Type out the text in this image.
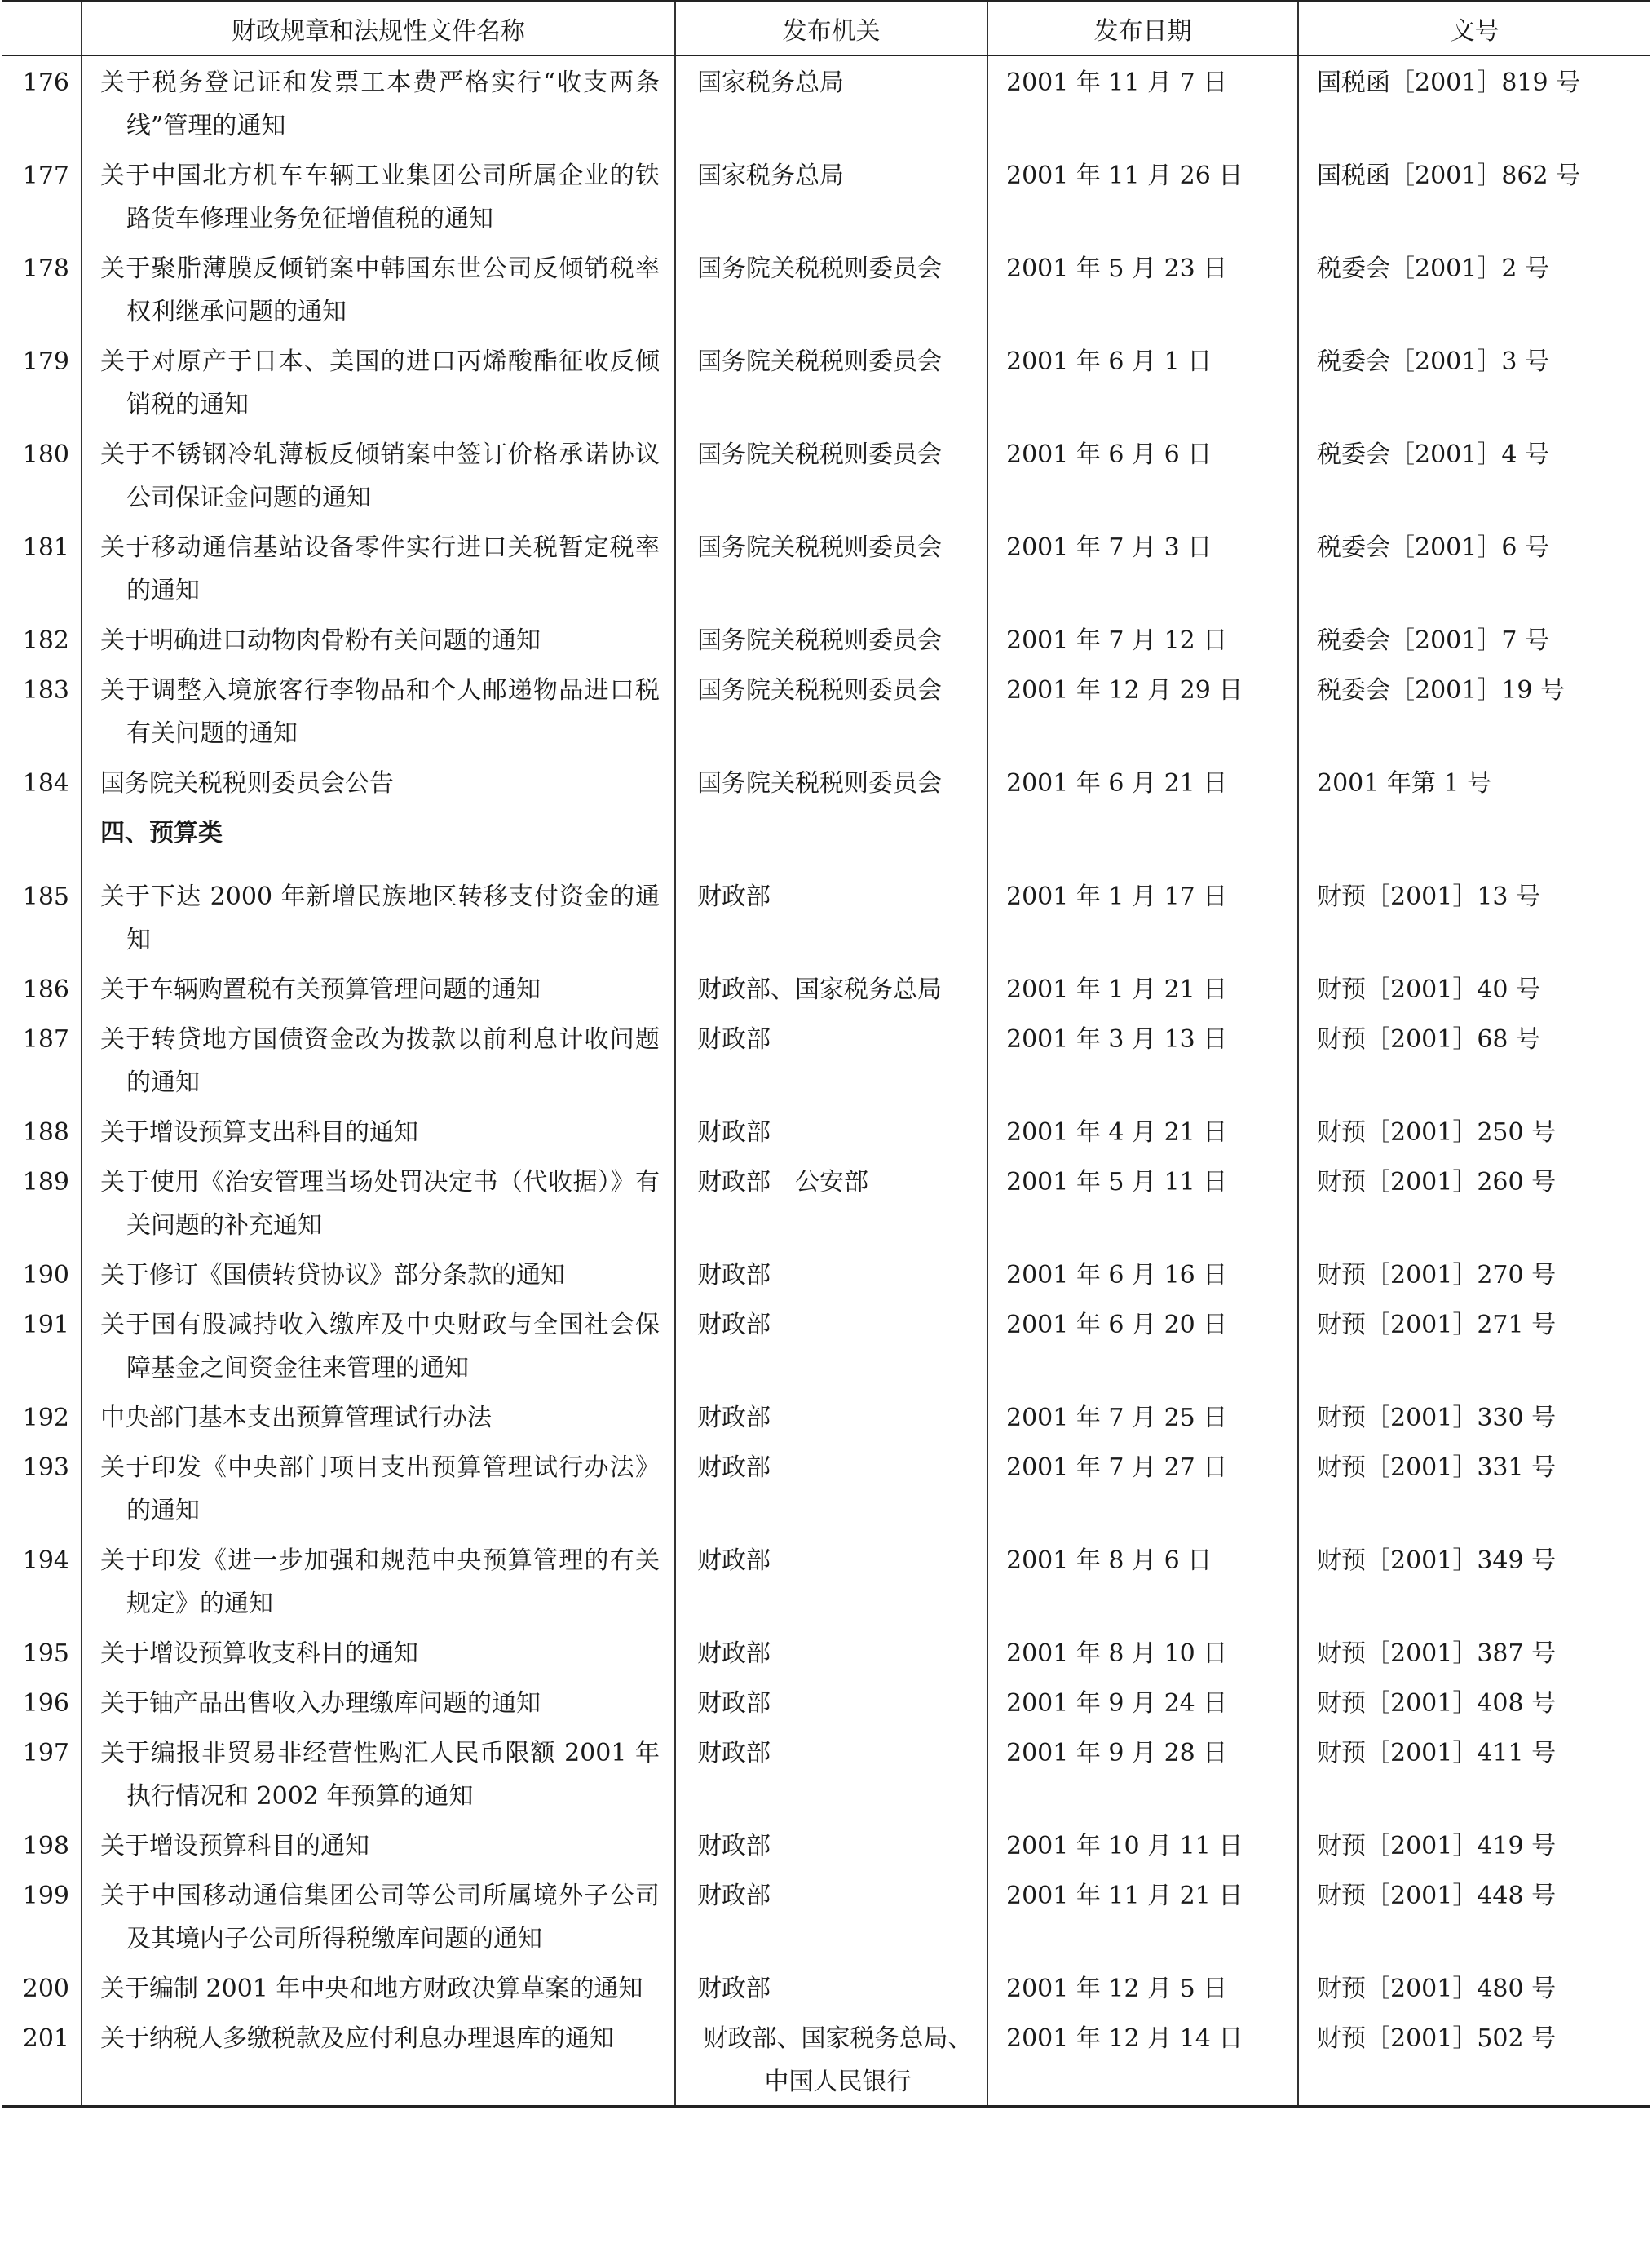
	财政规章和法规性文件名称	发布机关	发布日期	文号
176	关于税务登记证和发票工本费严格实行“收支两条线”管理的通知	国家税务总局	2001 年 11 月 7 日	国税函［2001］819 号
177	关于中国北方机车车辆工业集团公司所属企业的铁路货车修理业务免征增值税的通知	国家税务总局	2001 年 11 月 26 日	国税函［2001］862 号
178	关于聚脂薄膜反倾销案中韩国东世公司反倾销税率权利继承问题的通知	国务院关税税则委员会	2001 年 5 月 23 日	税委会［2001］2 号
179	关于对原产于日本、美国的进口丙烯酸酯征收反倾销税的通知	国务院关税税则委员会	2001 年 6 月 1 日	税委会［2001］3 号
180	关于不锈钢冷轧薄板反倾销案中签订价格承诺协议公司保证金问题的通知	国务院关税税则委员会	2001 年 6 月 6 日	税委会［2001］4 号
181	关于移动通信基站设备零件实行进口关税暂定税率的通知	国务院关税税则委员会	2001 年 7 月 3 日	税委会［2001］6 号
182	关于明确进口动物肉骨粉有关问题的通知	国务院关税税则委员会	2001 年 7 月 12 日	税委会［2001］7 号
183	关于调整入境旅客行李物品和个人邮递物品进口税有关问题的通知	国务院关税税则委员会	2001 年 12 月 29 日	税委会［2001］19 号
184	国务院关税税则委员会公告	国务院关税税则委员会	2001 年 6 月 21 日	2001 年第 1 号
	四、预算类			
185	关于下达 2000 年新增民族地区转移支付资金的通知	财政部	2001 年 1 月 17 日	财预［2001］13 号
186	关于车辆购置税有关预算管理问题的通知	财政部、国家税务总局	2001 年 1 月 21 日	财预［2001］40 号
187	关于转贷地方国债资金改为拨款以前利息计收问题的通知	财政部	2001 年 3 月 13 日	财预［2001］68 号
188	关于增设预算支出科目的通知	财政部	2001 年 4 月 21 日	财预［2001］250 号
189	关于使用《治安管理当场处罚决定书（代收据）》有关问题的补充通知	财政部　公安部	2001 年 5 月 11 日	财预［2001］260 号
190	关于修订《国债转贷协议》部分条款的通知	财政部	2001 年 6 月 16 日	财预［2001］270 号
191	关于国有股减持收入缴库及中央财政与全国社会保障基金之间资金往来管理的通知	财政部	2001 年 6 月 20 日	财预［2001］271 号
192	中央部门基本支出预算管理试行办法	财政部	2001 年 7 月 25 日	财预［2001］330 号
193	关于印发《中央部门项目支出预算管理试行办法》的通知	财政部	2001 年 7 月 27 日	财预［2001］331 号
194	关于印发《进一步加强和规范中央预算管理的有关规定》的通知	财政部	2001 年 8 月 6 日	财预［2001］349 号
195	关于增设预算收支科目的通知	财政部	2001 年 8 月 10 日	财预［2001］387 号
196	关于铀产品出售收入办理缴库问题的通知	财政部	2001 年 9 月 24 日	财预［2001］408 号
197	关于编报非贸易非经营性购汇人民币限额 2001 年执行情况和 2002 年预算的通知	财政部	2001 年 9 月 28 日	财预［2001］411 号
198	关于增设预算科目的通知	财政部	2001 年 10 月 11 日	财预［2001］419 号
199	关于中国移动通信集团公司等公司所属境外子公司及其境内子公司所得税缴库问题的通知	财政部	2001 年 11 月 21 日	财预［2001］448 号
200	关于编制 2001 年中央和地方财政决算草案的通知	财政部	2001 年 12 月 5 日	财预［2001］480 号
201	关于纳税人多缴税款及应付利息办理退库的通知	财政部、国家税务总局、中国人民银行	2001 年 12 月 14 日	财预［2001］502 号
